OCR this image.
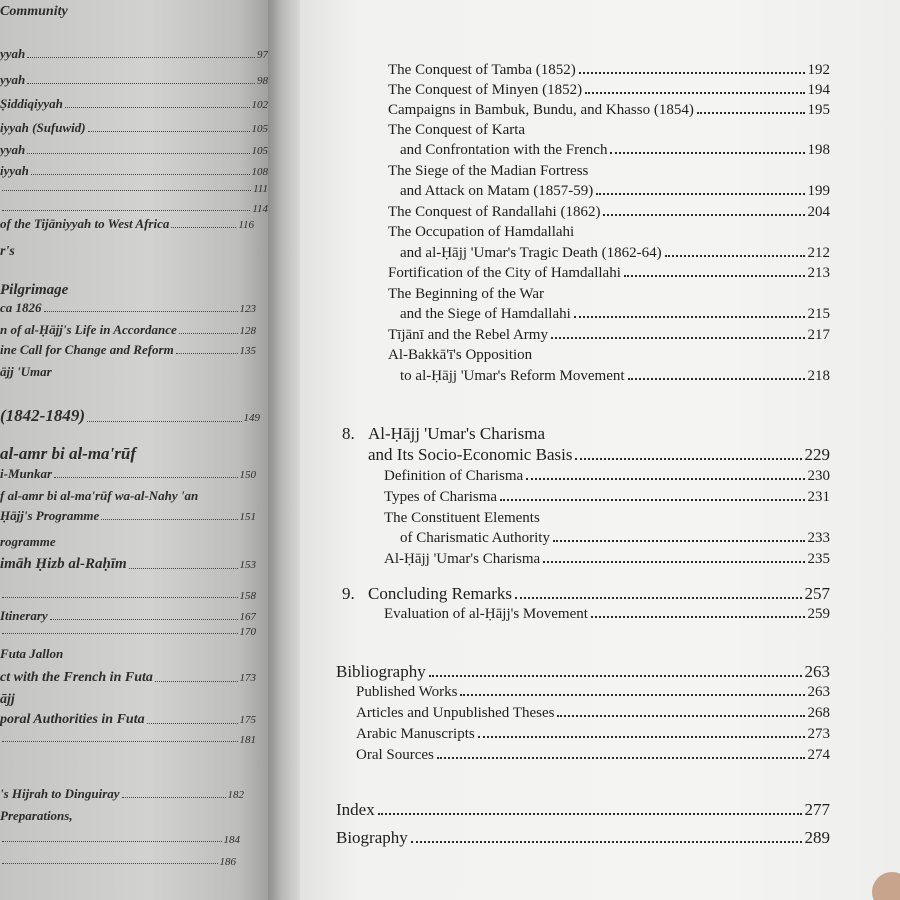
Community
yyah	97
yyah	98
Ṣiddiqiyyah	102
iyyah (Sufuwid)	105
yyah	105
iyyah	108
111
114
of the Tijāniyyah to West Africa	116
r's
Pilgrimage
ca 1826	123
n of al-Ḥājj's Life in Accordance	128
ine Call for Change and Reform	135
ājj 'Umar
(1842-1849)	149
al-amr bi al-ma'rūf
i-Munkar	150
f al-amr bi al-ma'rūf wa-al-Nahy 'an
Ḥājj's Programme	151
rogramme
imāh Ḥizb al-Raḥīm	153
158
Itinerary	167
170
Futa Jallon
ct with the French in Futa	173
ājj
poral Authorities in Futa	175
181
's Hijrah to Dinguiray	182
Preparations,
184
186
The Conquest of Tamba (1852)	192
The Conquest of Minyen (1852)	194
Campaigns in Bambuk, Bundu, and Khasso (1854)	195
The Conquest of Karta
and Confrontation with the French	198
The Siege of the Madian Fortress
and Attack on Matam (1857-59)	199
The Conquest of Randallahi (1862)	204
The Occupation of Hamdallahi
and al-Ḥājj 'Umar's Tragic Death (1862-64)	212
Fortification of the City of Hamdallahi	213
The Beginning of the War
and the Siege of Hamdallahi	215
Tījānī and the Rebel Army	217
Al-Bakkā'ī's Opposition
to al-Ḥājj 'Umar's Reform Movement	218
8. Al-Ḥājj 'Umar's Charisma
and Its Socio-Economic Basis	229
Definition of Charisma	230
Types of Charisma	231
The Constituent Elements
of Charismatic Authority	233
Al-Ḥājj 'Umar's Charisma	235
9. Concluding Remarks	257
Evaluation of al-Ḥājj's Movement	259
Bibliography	263
Published Works	263
Articles and Unpublished Theses	268
Arabic Manuscripts	273
Oral Sources	274
Index	277
Biography	289
